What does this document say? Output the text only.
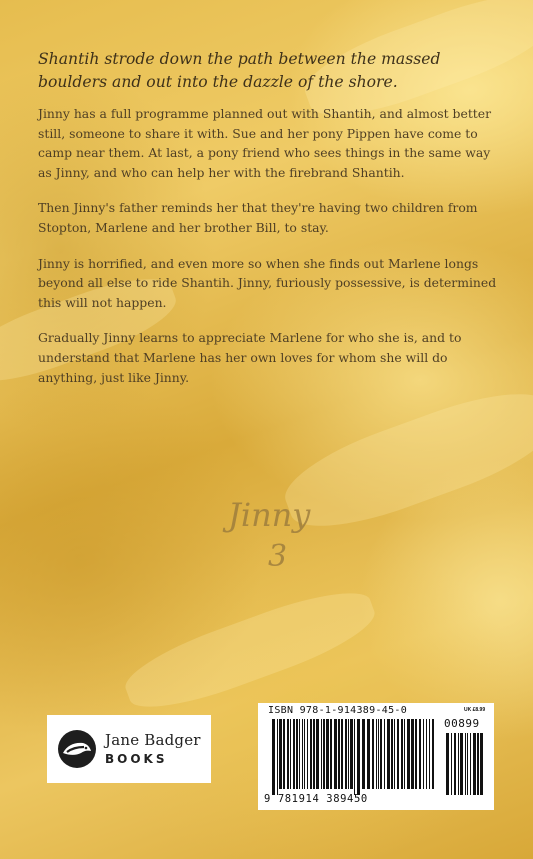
Shantih strode down the path between the massed boulders and out into the dazzle of the shore.

Jinny has a full programme planned out with Shantih, and almost better still, someone to share it with. Sue and her pony Pippen have come to camp near them. At last, a pony friend who sees things in the same way as Jinny, and who can help her with the firebrand Shantih.

Then Jinny's father reminds her that they're having two children from Stopton, Marlene and her brother Bill, to stay.

Jinny is horrified, and even more so when she finds out Marlene longs beyond all else to ride Shantih. Jinny, furiously possessive, is determined this will not happen.

Gradually Jinny learns to appreciate Marlene for who she is, and to understand that Marlene has her own loves for whom she will do anything, just like Jinny.

Jinny
3
Jane Badger
BOOKS
ISBN 978-1-914389-45-0	UK £8.99
00899
9 781914 389450
